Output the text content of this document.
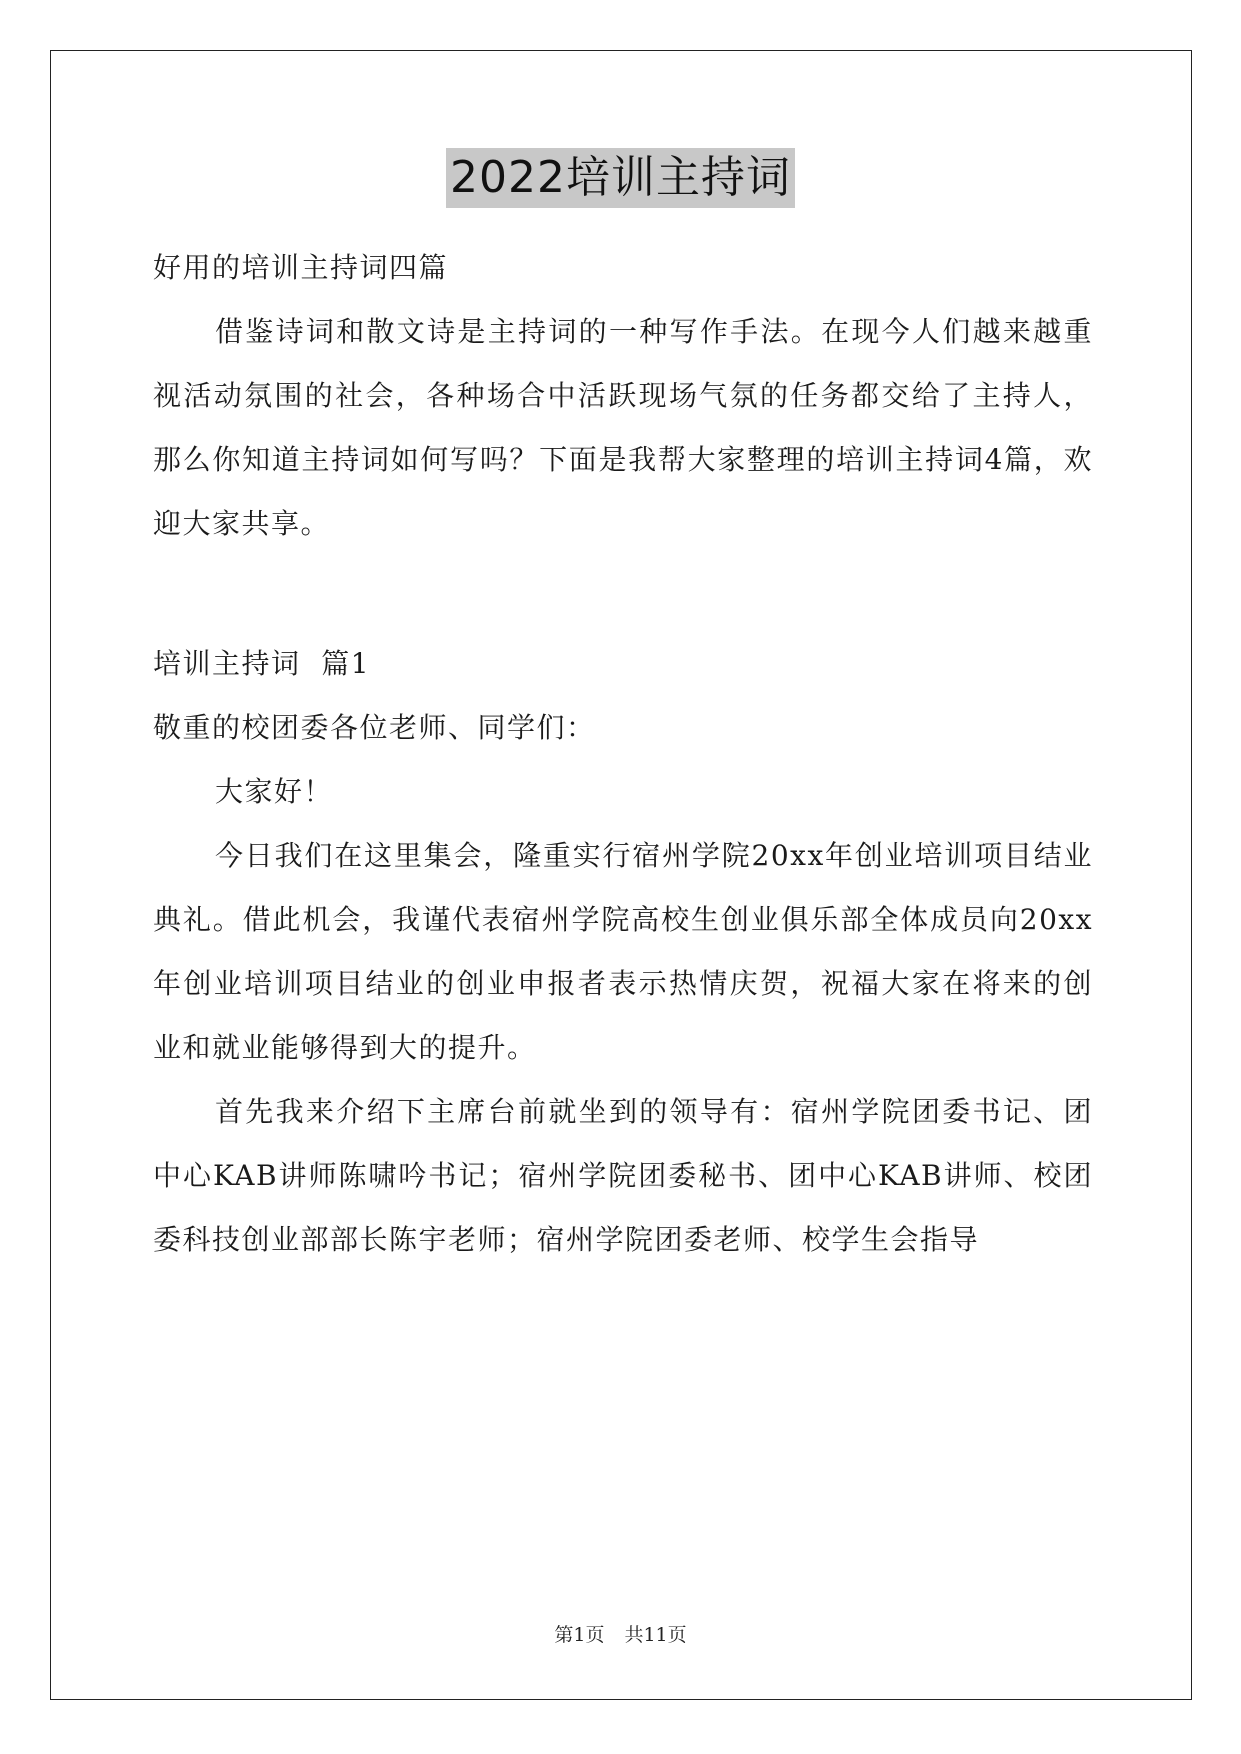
2022培训主持词

好用的培训主持词四篇

借鉴诗词和散文诗是主持词的一种写作手法。在现今人们越来越重视活动氛围的社会，各种场合中活跃现场气氛的任务都交给了主持人，那么你知道主持词如何写吗？下面是我帮大家整理的培训主持词4篇，欢迎大家共享。

培训主持词  篇1

敬重的校团委各位老师、同学们：

大家好！

今日我们在这里集会，隆重实行宿州学院20xx年创业培训项目结业典礼。借此机会，我谨代表宿州学院高校生创业俱乐部全体成员向20xx年创业培训项目结业的创业申报者表示热情庆贺，祝福大家在将来的创业和就业能够得到大的提升。

首先我来介绍下主席台前就坐到的领导有：宿州学院团委书记、团中心KAB讲师陈啸吟书记；宿州学院团委秘书、团中心KAB讲师、校团委科技创业部部长陈宇老师；宿州学院团委老师、校学生会指导

第1页 共11页
